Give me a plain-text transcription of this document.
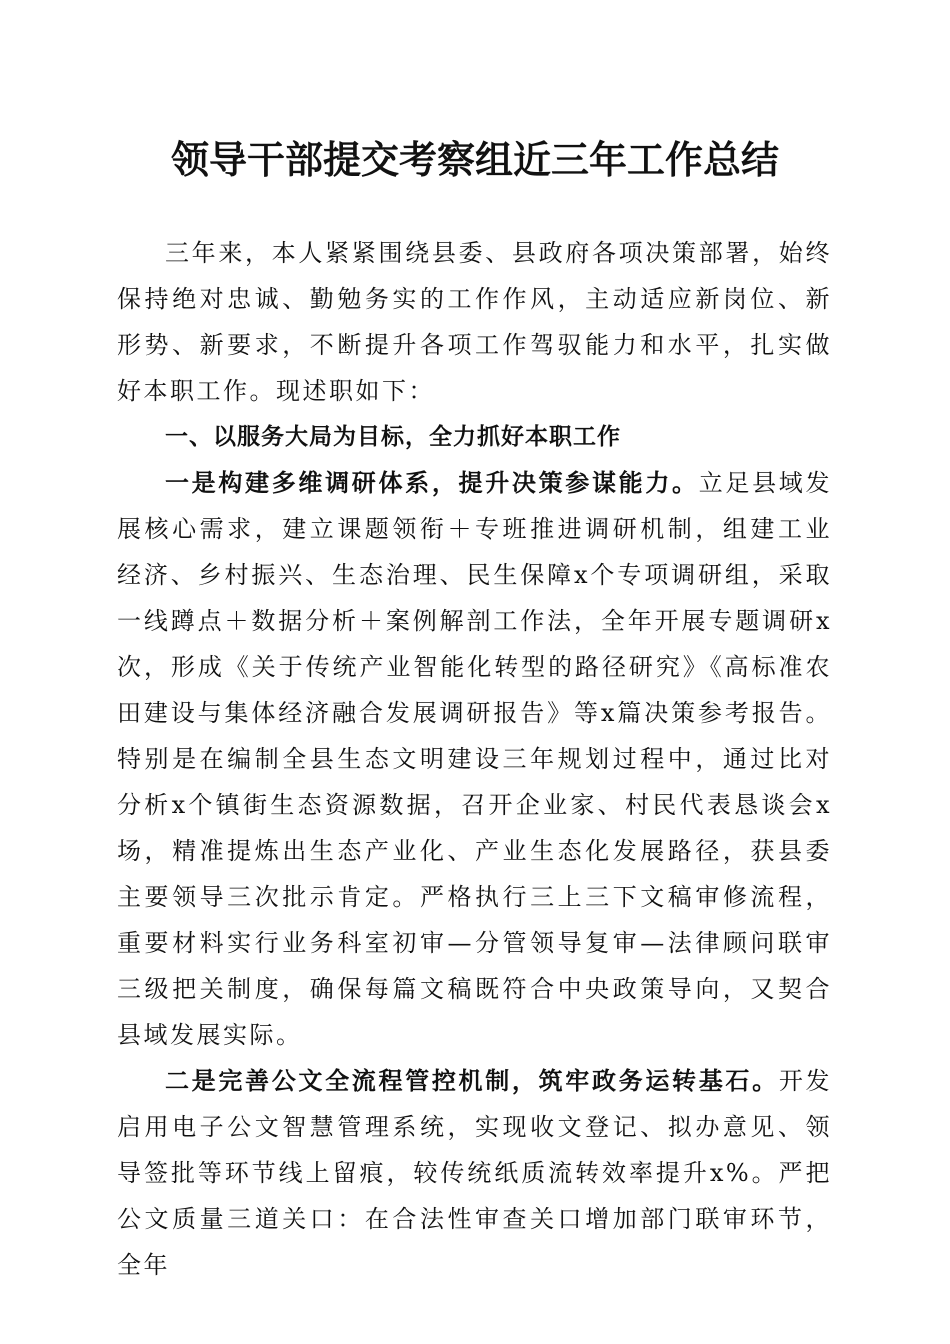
领导干部提交考察组近三年工作总结

三年来，本人紧紧围绕县委、县政府各项决策部署，始终保持绝对忠诚、勤勉务实的工作作风，主动适应新岗位、新形势、新要求，不断提升各项工作驾驭能力和水平，扎实做好本职工作。现述职如下：

一、以服务大局为目标，全力抓好本职工作

一是构建多维调研体系，提升决策参谋能力。立足县域发展核心需求，建立课题领衔＋专班推进调研机制，组建工业经济、乡村振兴、生态治理、民生保障x个专项调研组，采取一线蹲点＋数据分析＋案例解剖工作法，全年开展专题调研x次，形成《关于传统产业智能化转型的路径研究》《高标准农田建设与集体经济融合发展调研报告》等x篇决策参考报告。特别是在编制全县生态文明建设三年规划过程中，通过比对分析x个镇街生态资源数据，召开企业家、村民代表恳谈会x场，精准提炼出生态产业化、产业生态化发展路径，获县委主要领导三次批示肯定。严格执行三上三下文稿审修流程，重要材料实行业务科室初审—分管领导复审—法律顾问联审三级把关制度，确保每篇文稿既符合中央政策导向，又契合县域发展实际。

二是完善公文全流程管控机制，筑牢政务运转基石。开发启用电子公文智慧管理系统，实现收文登记、拟办意见、领导签批等环节线上留痕，较传统纸质流转效率提升x%。严把公文质量三道关口：在合法性审查关口增加部门联审环节，全年
